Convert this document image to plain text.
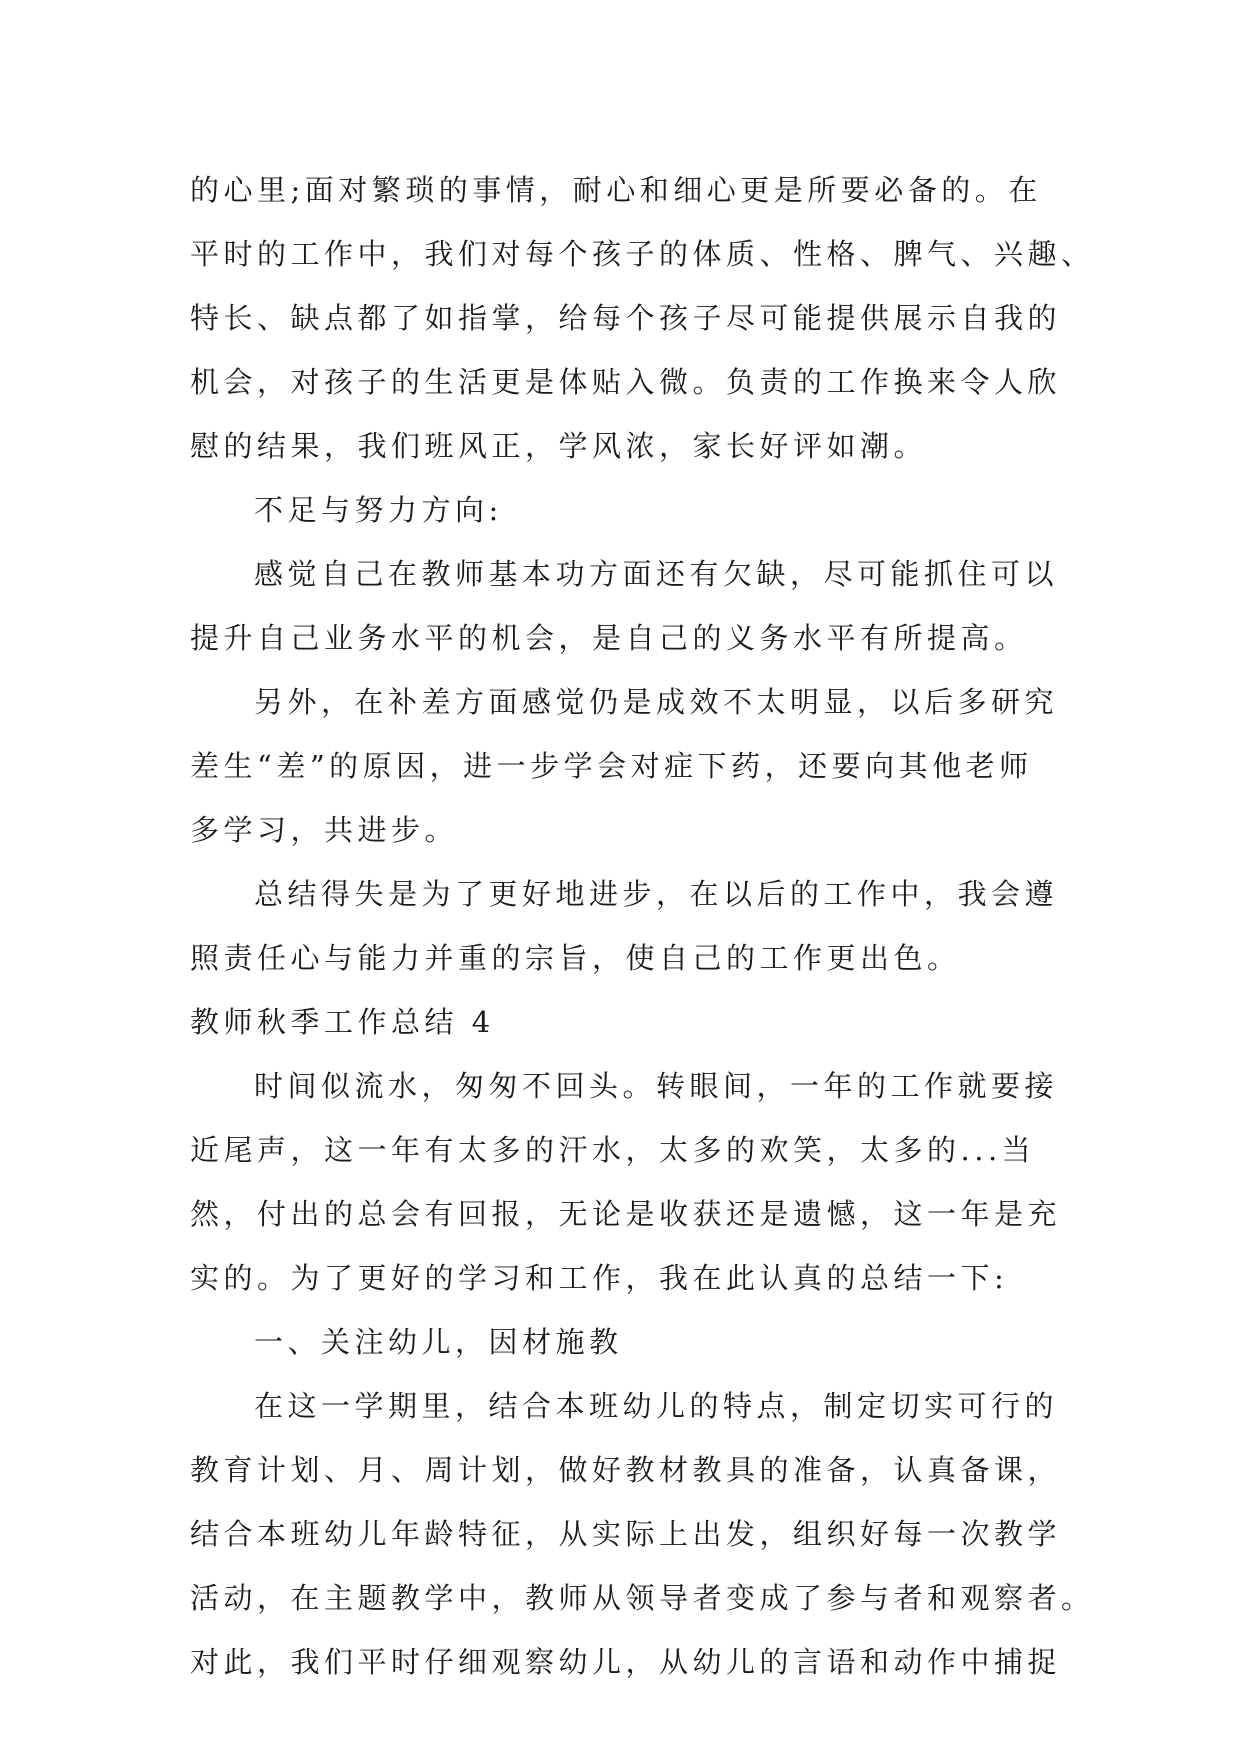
的心里;面对繁琐的事情，耐心和细心更是所要必备的。在
平时的工作中，我们对每个孩子的体质、性格、脾气、兴趣、
特长、缺点都了如指掌，给每个孩子尽可能提供展示自我的
机会，对孩子的生活更是体贴入微。负责的工作换来令人欣
慰的结果，我们班风正，学风浓，家长好评如潮。
不足与努力方向:
感觉自己在教师基本功方面还有欠缺，尽可能抓住可以
提升自己业务水平的机会，是自己的义务水平有所提高。
另外，在补差方面感觉仍是成效不太明显，以后多研究
差生“差”的原因，进一步学会对症下药，还要向其他老师
多学习，共进步。
总结得失是为了更好地进步，在以后的工作中，我会遵
照责任心与能力并重的宗旨，使自己的工作更出色。
教师秋季工作总结 4
时间似流水，匆匆不回头。转眼间，一年的工作就要接
近尾声，这一年有太多的汗水，太多的欢笑，太多的...当
然，付出的总会有回报，无论是收获还是遗憾，这一年是充
实的。为了更好的学习和工作，我在此认真的总结一下:
一、关注幼儿，因材施教
在这一学期里，结合本班幼儿的特点，制定切实可行的
教育计划、月、周计划，做好教材教具的准备，认真备课，
结合本班幼儿年龄特征，从实际上出发，组织好每一次教学
活动，在主题教学中，教师从领导者变成了参与者和观察者。
对此，我们平时仔细观察幼儿，从幼儿的言语和动作中捕捉
